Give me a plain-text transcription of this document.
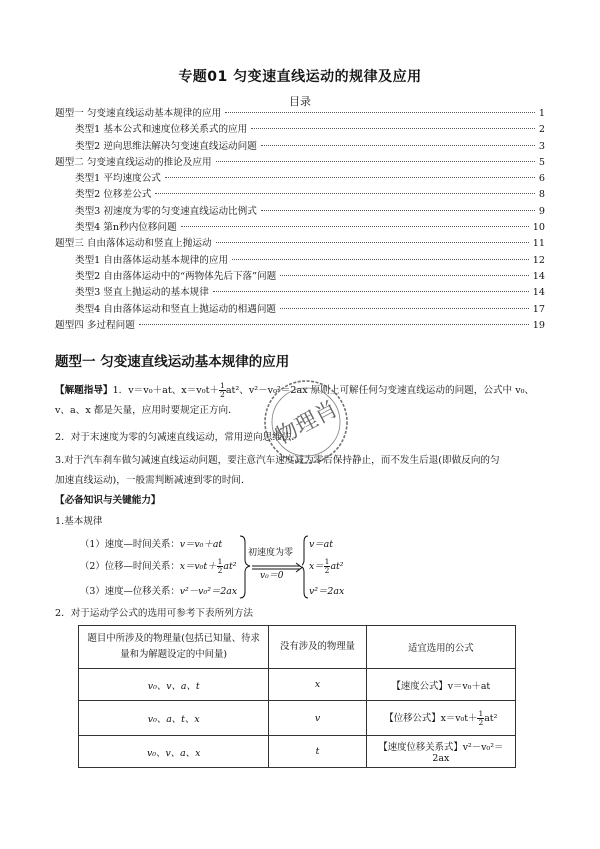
专题01 匀变速直线运动的规律及应用
目录
题型一 匀变速直线运动基本规律的应用	1
类型1 基本公式和速度位移关系式的应用	2
类型2 逆向思维法解决匀变速直线运动问题	3
题型二 匀变速直线运动的推论及应用	5
类型1 平均速度公式	6
类型2 位移差公式	8
类型3 初速度为零的匀变速直线运动比例式	9
类型4 第n秒内位移问题	10
题型三 自由落体运动和竖直上抛运动	11
类型1 自由落体运动基本规律的应用	12
类型2 自由落体运动中的“两物体先后下落”问题	14
类型3 竖直上抛运动的基本规律	14
类型4 自由落体运动和竖直上抛运动的相遇问题	17
题型四 多过程问题	19
题型一 匀变速直线运动基本规律的应用
【解题指导】1．v＝v₀＋at、$x=v_0t+ \frac{1}{2} at^2$、v²－v₀²＝2ax 原则上可解任何匀变速直线运动的问题，公式中 v₀、
v、a、x 都是矢量，应用时要规定正方向．
2．对于末速度为零的匀减速直线运动，常用逆向思维法．
3.对于汽车刹车做匀减速直线运动问题，要注意汽车速度减为零后保持静止，而不发生后退(即做反向的匀
加速直线运动)，一般需判断减速到零的时间．
【必备知识与关键能力】
1.基本规律
物理肖
（1）速度—时间关系：v＝v₀＋at
（2）位移—时间关系：$x=v_0t+ \frac{1}{2} at^2$
（3）速度—位移关系：v²－v₀²＝2ax
初速度为零
v₀＝0
v＝at
$x= \frac{1}{2} at^2$
v²＝2ax
2．对于运动学公式的选用可参考下表所列方法
题目中所涉及的物理量(包括已知量、待求量和为解题设定的中间量)	没有涉及的物理量	适宜选用的公式
v₀、v、a、t	x	【速度公式】v＝v₀＋at
v₀、a、t、x	v	【位移公式】$x=v_0t+ \frac{1}{2} at^2$
v₀、v、a、x	t	【速度位移关系式】v²－v₀²＝2ax
